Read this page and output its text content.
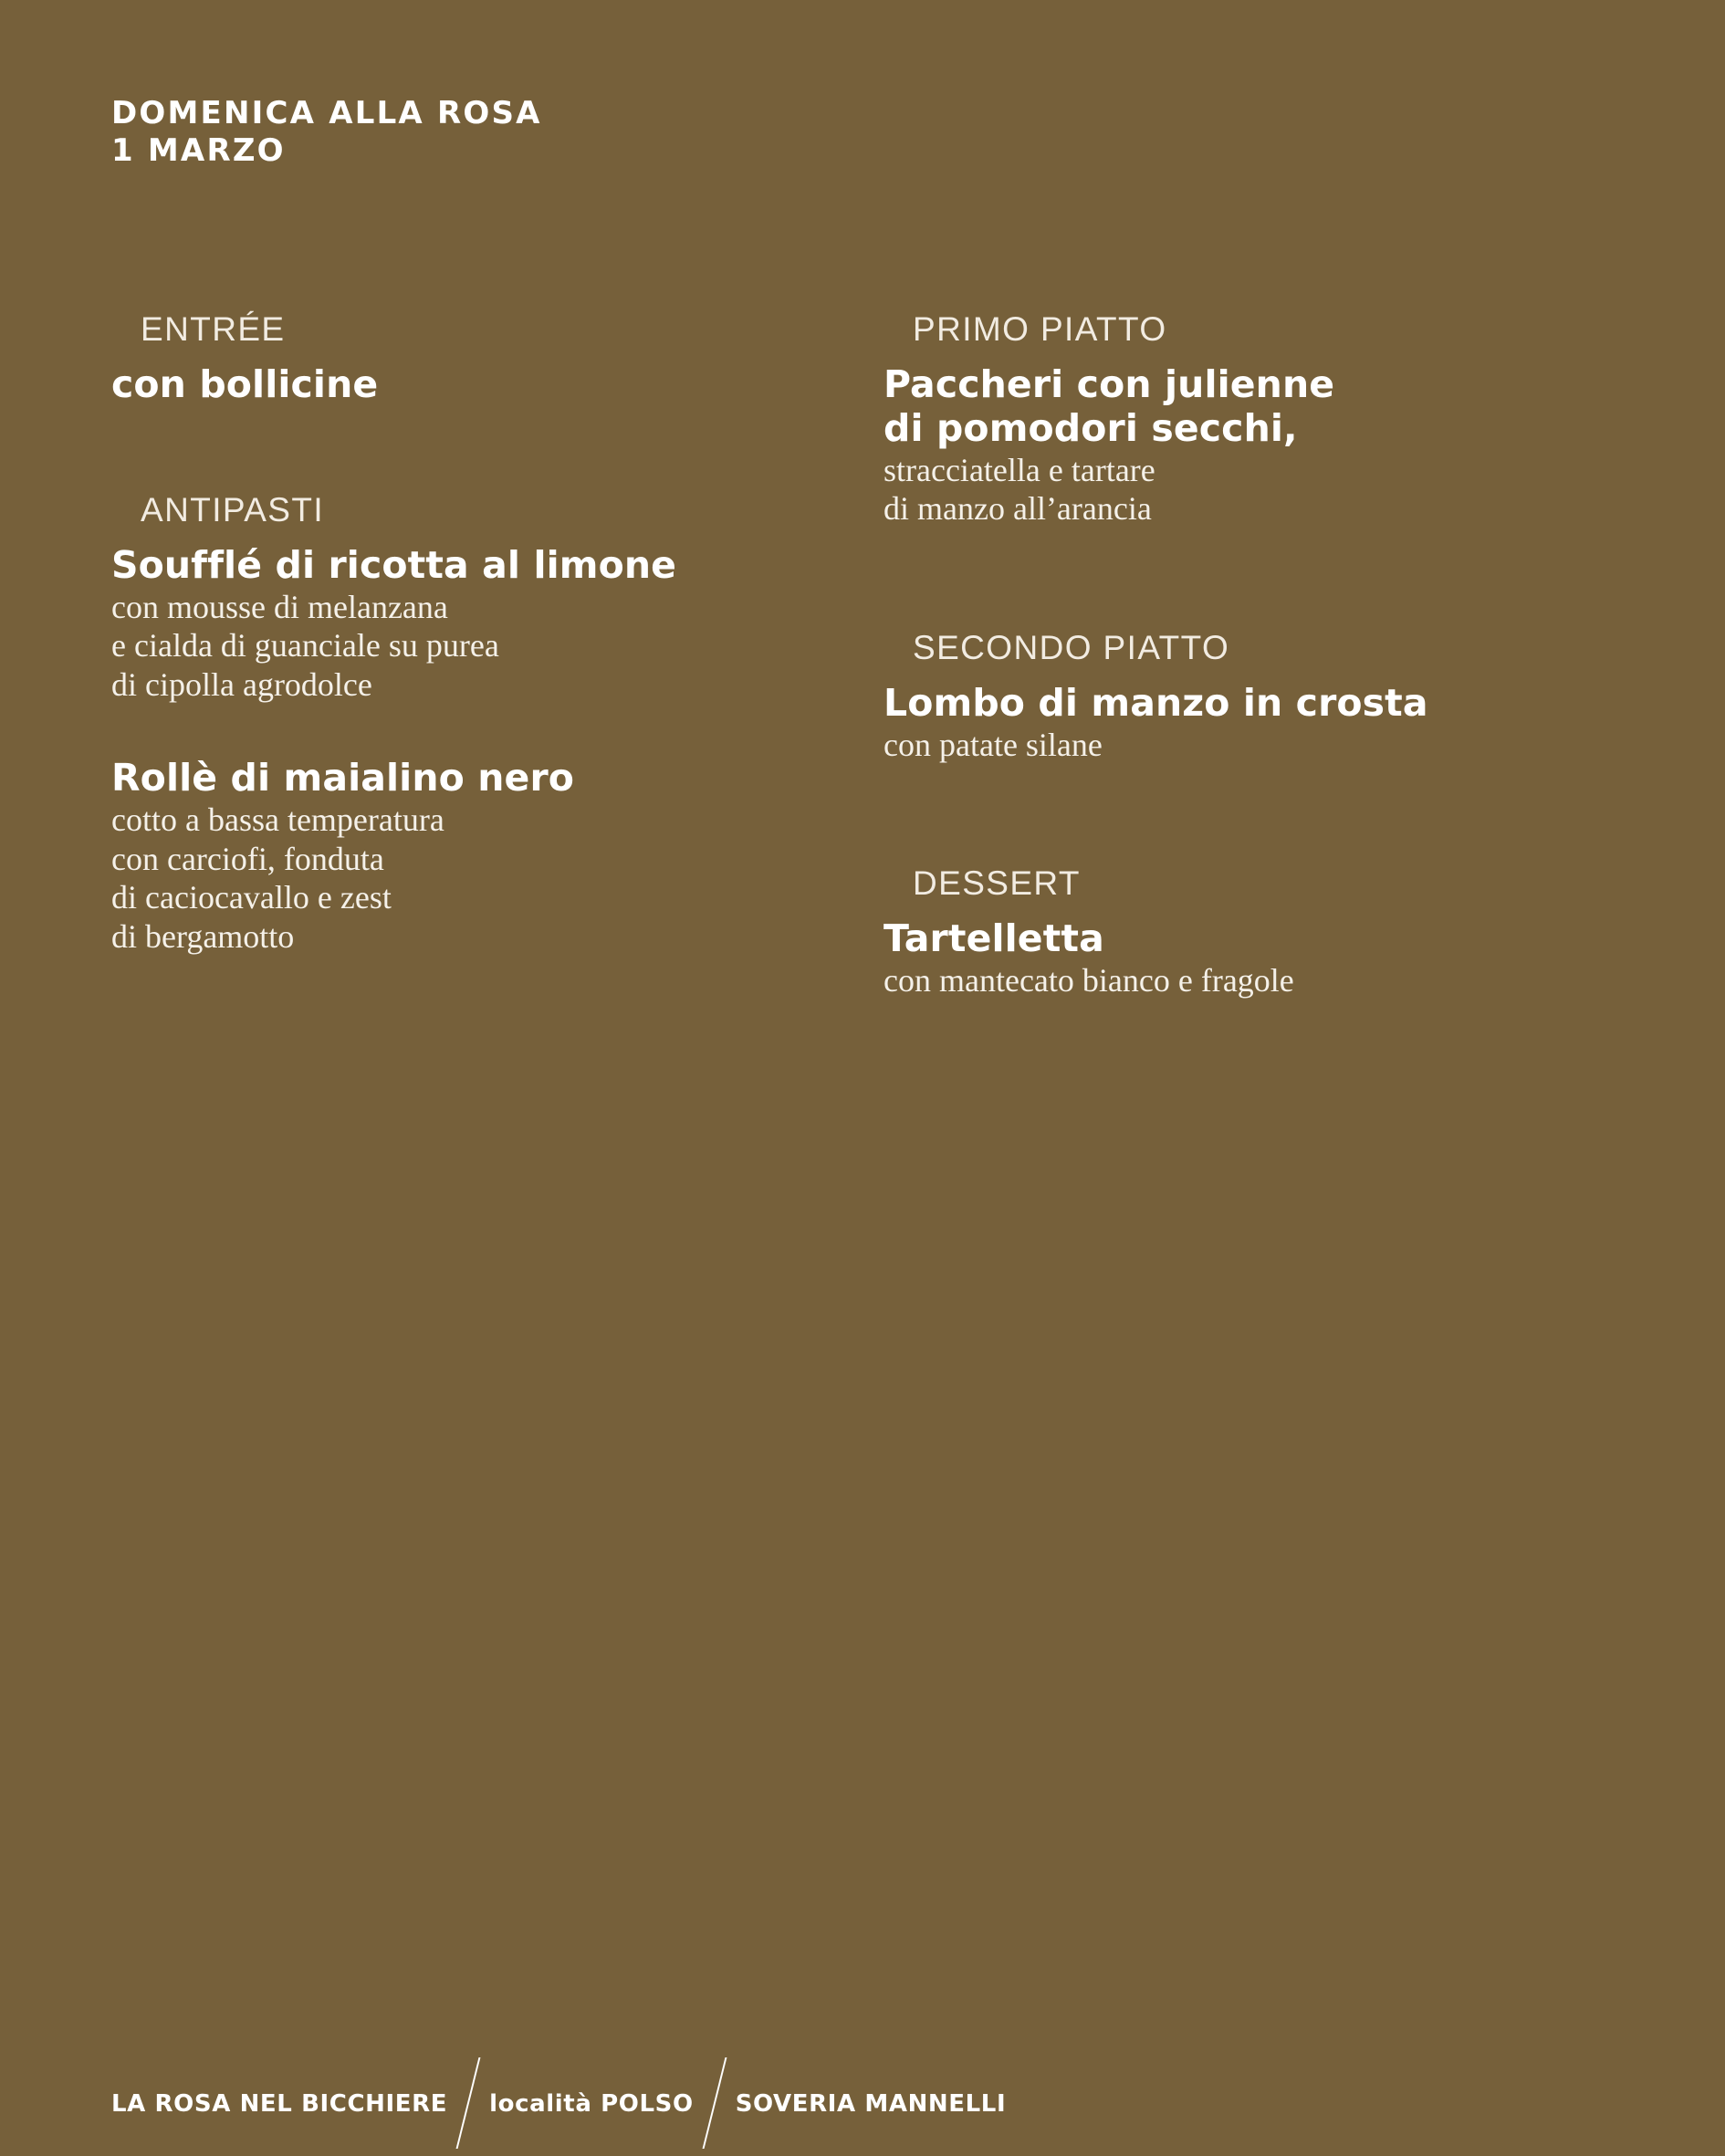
DOMENICA ALLA ROSA
1 MARZO
ENTRÉE
con bollicine
ANTIPASTI
Soufflé di ricotta al limone
con mousse di melanzana
e cialda di guanciale su purea
di cipolla agrodolce
Rollè di maialino nero
cotto a bassa temperatura
con carciofi, fonduta
di caciocavallo e zest
di bergamotto
PRIMO PIATTO
Paccheri con julienne
di pomodori secchi,
stracciatella e tartare
di manzo all’arancia
SECONDO PIATTO
Lombo di manzo in crosta
con patate silane
DESSERT
Tartelletta
con mantecato bianco e fragole
LA ROSA NEL BICCHIERE località POLSO SOVERIA MANNELLI
